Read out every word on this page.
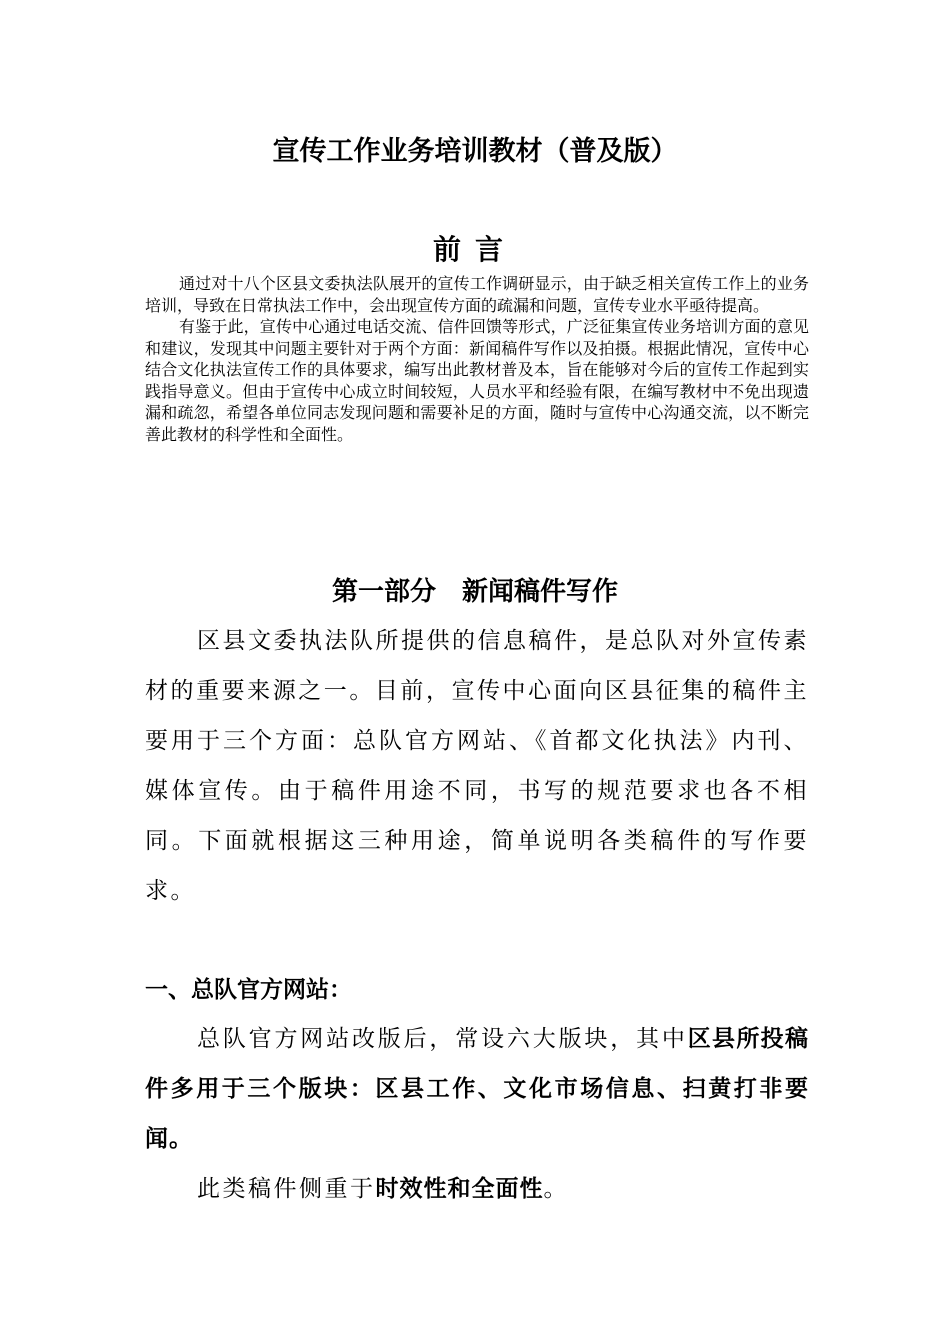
宣传工作业务培训教材（普及版）
前言

通过对十八个区县文委执法队展开的宣传工作调研显示，由于缺乏相关宣传工作上的业务培训，导致在日常执法工作中，会出现宣传方面的疏漏和问题，宣传专业水平亟待提高。

有鉴于此，宣传中心通过电话交流、信件回馈等形式，广泛征集宣传业务培训方面的意见和建议，发现其中问题主要针对于两个方面：新闻稿件写作以及拍摄。根据此情况，宣传中心结合文化执法宣传工作的具体要求，编写出此教材普及本，旨在能够对今后的宣传工作起到实践指导意义。但由于宣传中心成立时间较短，人员水平和经验有限，在编写教材中不免出现遗漏和疏忽，希望各单位同志发现问题和需要补足的方面，随时与宣传中心沟通交流，以不断完善此教材的科学性和全面性。

第一部分　新闻稿件写作

区县文委执法队所提供的信息稿件，是总队对外宣传素材的重要来源之一。目前，宣传中心面向区县征集的稿件主要用于三个方面：总队官方网站、《首都文化执法》内刊、媒体宣传。由于稿件用途不同，书写的规范要求也各不相同。下面就根据这三种用途，简单说明各类稿件的写作要求。

一、总队官方网站：

总队官方网站改版后，常设六大版块，其中区县所投稿件多用于三个版块：区县工作、文化市场信息、扫黄打非要闻。

此类稿件侧重于时效性和全面性。
